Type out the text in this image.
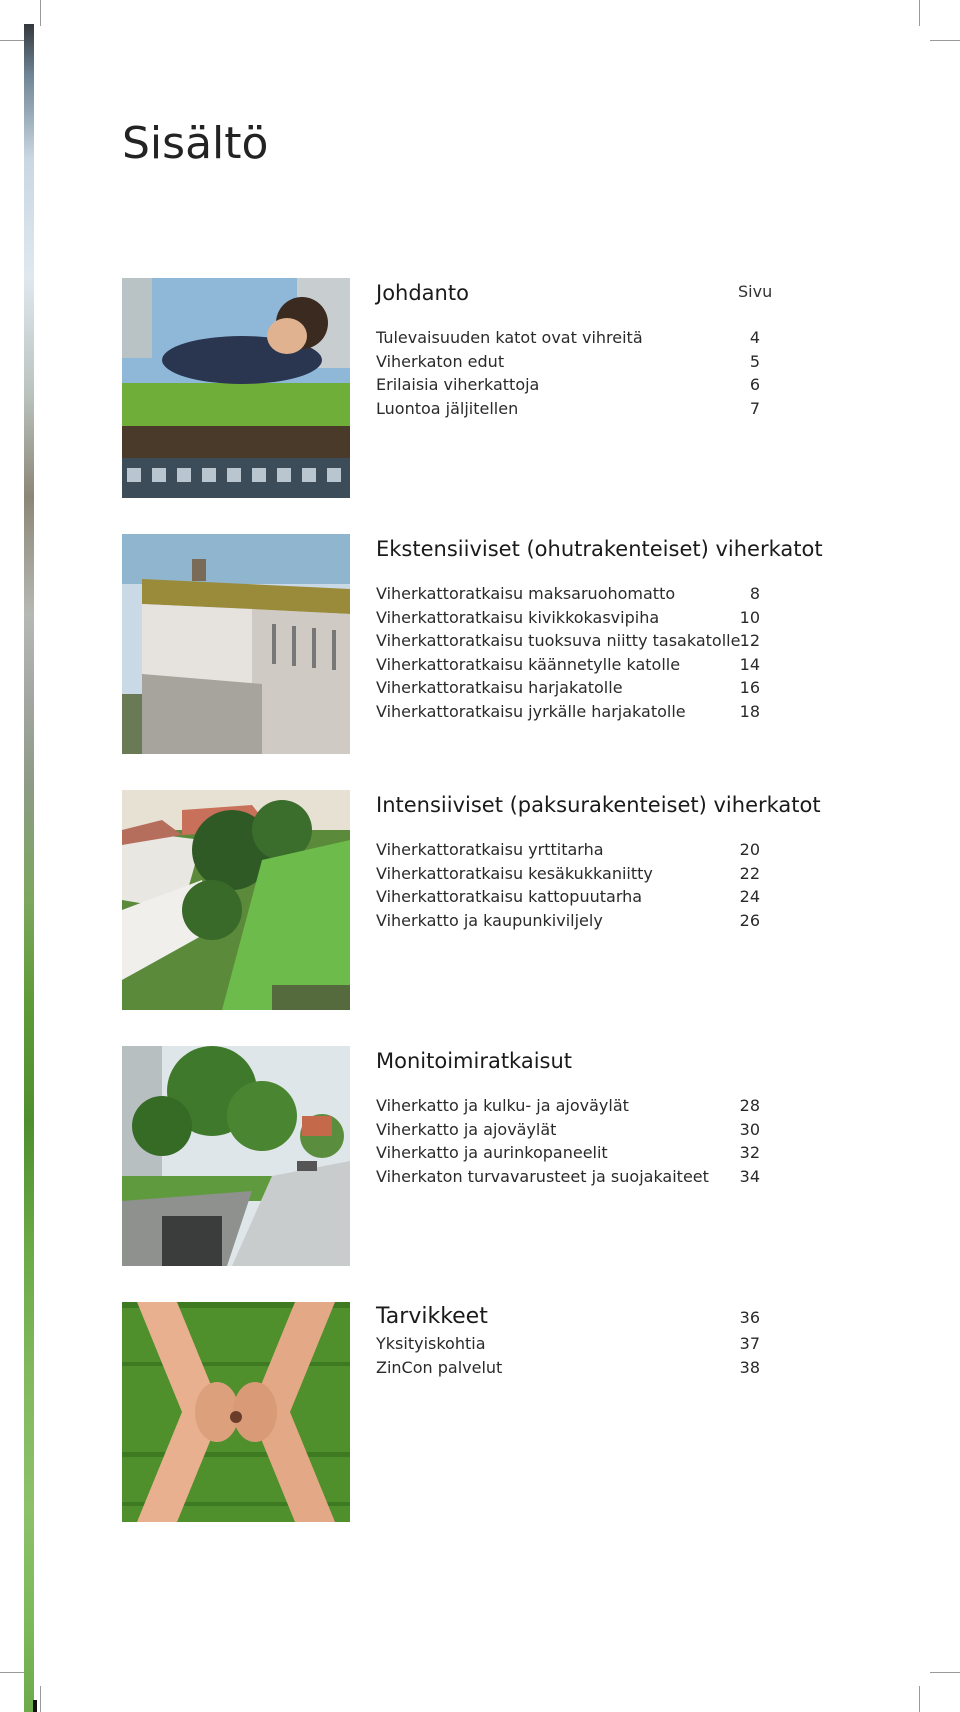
Sisältö
Johdanto	Sivu
Tulevaisuuden katot ovat vihreitä	4
Viherkaton edut	5
Erilaisia viherkattoja	6
Luontoa jäljitellen	7
Ekstensiiviset (ohutrakenteiset) viherkatot
Viherkattoratkaisu maksaruohomatto	8
Viherkattoratkaisu kivikkokasvipiha	10
Viherkattoratkaisu tuoksuva niitty tasakatolle 12
Viherkattoratkaisu käännetylle katolle	14
Viherkattoratkaisu harjakatolle	16
Viherkattoratkaisu jyrkälle harjakatolle	18
Intensiiviset (paksurakenteiset) viherkatot
Viherkattoratkaisu yrttitarha	20
Viherkattoratkaisu kesäkukkaniitty	22
Viherkattoratkaisu kattopuutarha	24
Viherkatto ja kaupunkiviljely	26
Monitoimiratkaisut
Viherkatto ja kulku- ja ajoväylät	28
Viherkatto ja ajoväylät	30
Viherkatto ja aurinkopaneelit	32
Viherkaton turvavarusteet ja suojakaiteet 34
Tarvikkeet	36
Yksityiskohtia	37
ZinCon palvelut	38
